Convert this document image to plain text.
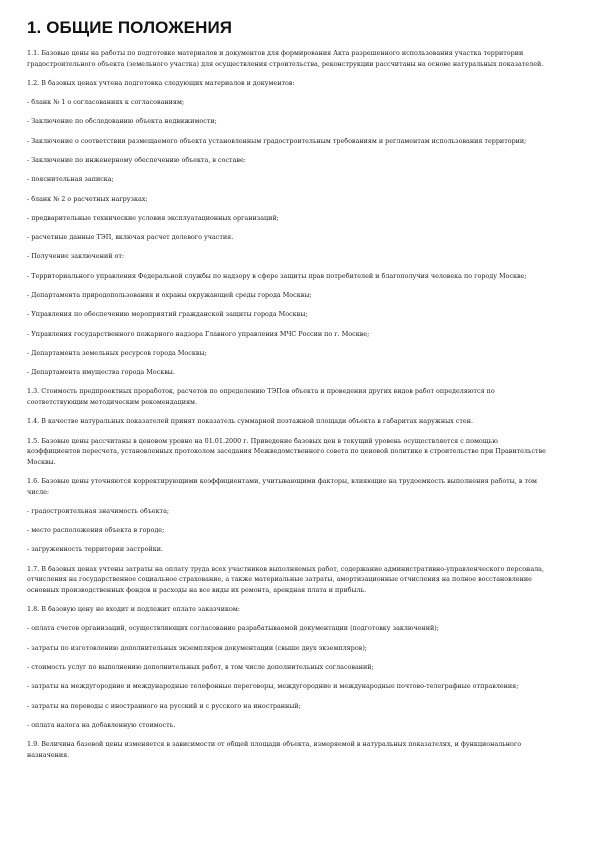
1. ОБЩИЕ ПОЛОЖЕНИЯ

1.1. Базовые цены на работы по подготовке материалов и документов для формирования Акта разрешенного использования участка территории градостроительного объекта (земельного участка) для осуществления строительства, реконструкции рассчитаны на основе натуральных показателей.

1.2. В базовых ценах учтена подготовка следующих материалов и документов:

- бланк № 1 о согласованиях к согласованиям;

- Заключение по обследованию объекта недвижимости;

- Заключение о соответствии размещаемого объекта установленным градостроительным требованиям и регламентам использования территории;

- Заключение по инженерному обеспечению объекта, в составе:

- пояснительная записка;

- бланк № 2 о расчетных нагрузках;

- предварительные технические условия эксплуатационных организаций;

- расчетные данные ТЭП, включая расчет долевого участия.

- Получение заключений от:

- Территориального управления Федеральной службы по надзору в сфере защиты прав потребителей и благополучия человека по городу Москве;

- Департамента природопользования и охраны окружающей среды города Москвы;

- Управления по обеспечению мероприятий гражданской защиты города Москвы;

- Управления государственного пожарного надзора Главного управления МЧС России по г. Москве;

- Департамента земельных ресурсов города Москвы;

- Департамента имущества города Москвы.

1.3. Стоимость предпроектных проработок, расчетов по определению ТЭПов объекта и проведения других видов работ определяются по соответствующим методическим рекомендациям.

1.4. В качестве натуральных показателей принят показатель суммарной поэтажной площади объекта в габаритах наружных стен.

1.5. Базовые цены рассчитаны в ценовом уровне на 01.01.2000 г. Приведение базовых цен в текущий уровень осуществляется с помощью коэффициентов пересчета, установленных протоколом заседания Межведомственного совета по ценовой политике в строительстве при Правительстве Москвы.

1.6. Базовые цены уточняются корректирующими коэффициентами, учитывающими факторы, влияющие на трудоемкость выполнения работы, в том числе:

- градостроительная значимость объекта;

- место расположения объекта в городе;

- загруженность территории застройки.

1.7. В базовых ценах учтены затраты на оплату труда всех участников выполняемых работ, содержание административно-управленческого персонала, отчисления на государственное социальное страхование, а также материальные затраты, амортизационные отчисления на полное восстановление основных производственных фондов и расходы на все виды их ремонта, арендная плата и прибыль.

1.8. В базовую цену не входит и подлежит оплате заказчиком:

- оплата счетов организаций, осуществляющих согласование разрабатываемой документации (подготовку заключений);

- затраты по изготовлению дополнительных экземпляров документации (свыше двух экземпляров);

- стоимость услуг по выполнению дополнительных работ, в том числе дополнительных согласований;

- затраты на междугородние и международные телефонные переговоры, междугородние и международные почтово-телеграфные отправления;

- затраты на переводы с иностранного на русский и с русского на иностранный;

- оплата налога на добавленную стоимость.

1.9. Величина базовой цены изменяется в зависимости от общей площади объекта, измеряемой в натуральных показателях, и функционального назначения.
